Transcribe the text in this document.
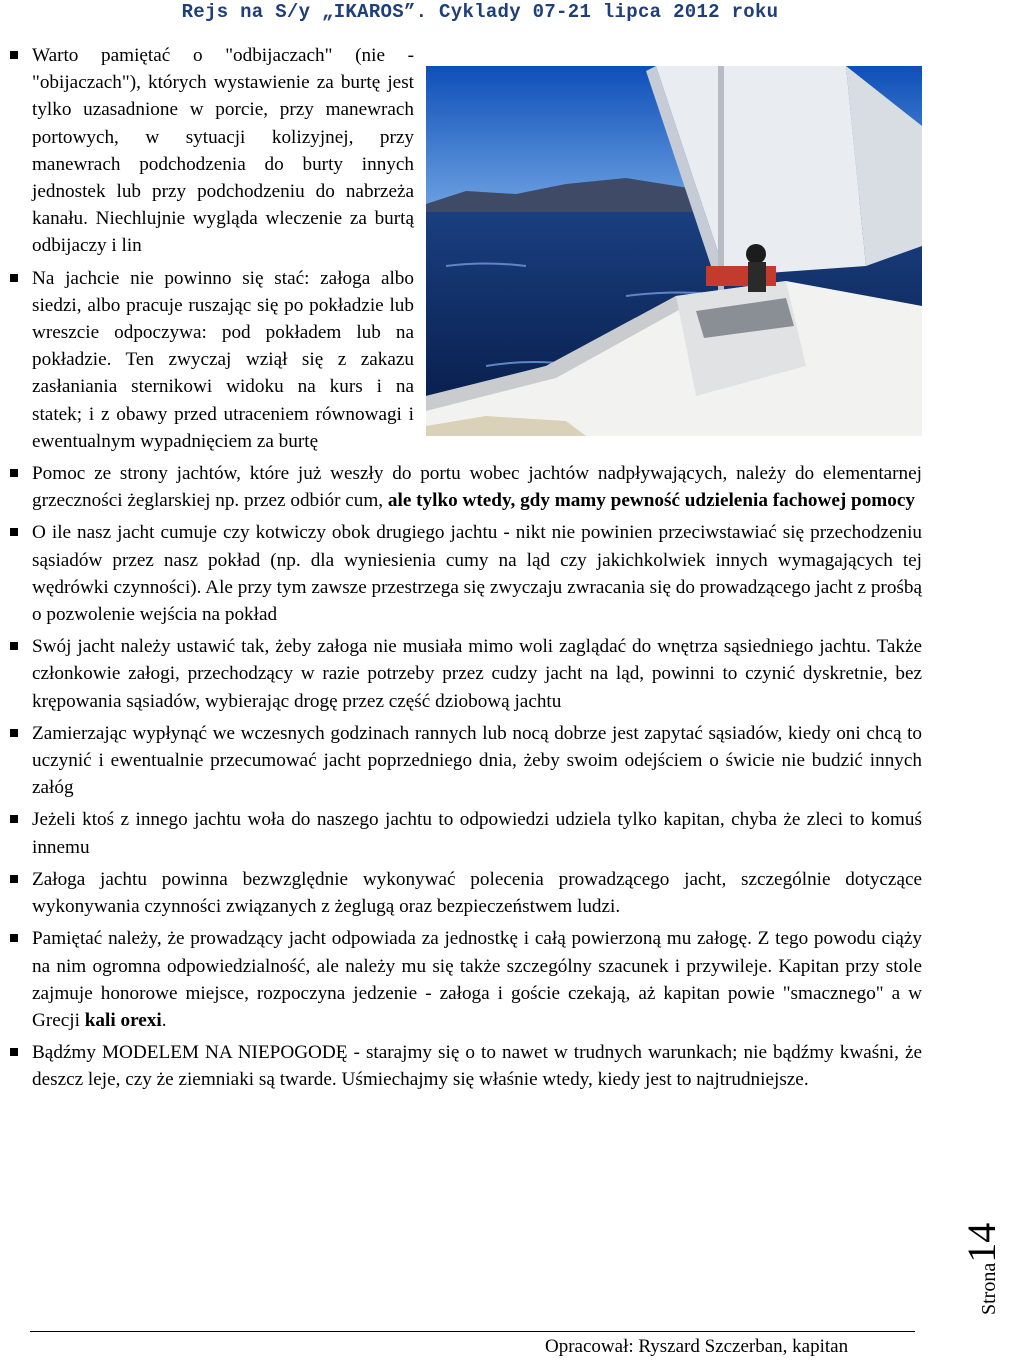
Rejs na S/y „IKAROS”. Cyklady 07-21 lipca 2012 roku
Warto pamiętać o "odbijaczach" (nie - "obijaczach"), których wystawienie za burtę jest tylko uzasadnione w porcie, przy manewrach portowych, w sytuacji kolizyjnej, przy manewrach podchodzenia do burty innych jednostek lub przy podchodzeniu do nabrzeża kanału. Niechlujnie wygląda wleczenie za burtą odbijaczy i lin
Na jachcie nie powinno się stać: załoga albo siedzi, albo pracuje ruszając się po pokładzie lub wreszcie odpoczywa: pod pokładem lub na pokładzie. Ten zwyczaj wziął się z zakazu zasłaniania sternikowi widoku na kurs i na statek; i z obawy przed utraceniem równowagi i ewentualnym wypadnięciem za burtę
Pomoc ze strony jachtów, które już weszły do portu wobec jachtów nadpływających, należy do elementarnej grzeczności żeglarskiej np. przez odbiór cum, ale tylko wtedy, gdy mamy pewność udzielenia fachowej pomocy
O ile nasz jacht cumuje czy kotwiczy obok drugiego jachtu - nikt nie powinien przeciwstawiać się przechodzeniu sąsiadów przez nasz pokład (np. dla wyniesienia cumy na ląd czy jakichkolwiek innych wymagających tej wędrówki czynności). Ale przy tym zawsze przestrzega się zwyczaju zwracania się do prowadzącego jacht z prośbą o pozwolenie wejścia na pokład
Swój jacht należy ustawić tak, żeby załoga nie musiała mimo woli zaglądać do wnętrza sąsiedniego jachtu. Także członkowie załogi, przechodzący w razie potrzeby przez cudzy jacht na ląd, powinni to czynić dyskretnie, bez krępowania sąsiadów, wybierając drogę przez część dziobową jachtu
Zamierzając wypłynąć we wczesnych godzinach rannych lub nocą dobrze jest zapytać sąsiadów, kiedy oni chcą to uczynić i ewentualnie przecumować jacht poprzedniego dnia, żeby swoim odejściem o świcie nie budzić innych załóg
Jeżeli ktoś z innego jachtu woła do naszego jachtu to odpowiedzi udziela tylko kapitan, chyba że zleci to komuś innemu
Załoga jachtu powinna bezwzględnie wykonywać polecenia prowadzącego jacht, szczególnie dotyczące wykonywania czynności związanych z żeglugą oraz bezpieczeństwem ludzi.
Pamiętać należy, że prowadzący jacht odpowiada za jednostkę i całą powierzoną mu załogę. Z tego powodu ciąży na nim ogromna odpowiedzialność, ale należy mu się także szczególny szacunek i przywileje. Kapitan przy stole zajmuje honorowe miejsce, rozpoczyna jedzenie - załoga i goście czekają, aż kapitan powie "smacznego" a w Grecji kali orexi.
Bądźmy MODELEM NA NIEPOGODĘ - starajmy się o to nawet w trudnych warunkach; nie bądźmy kwaśni, że deszcz leje, czy że ziemniaki są twarde. Uśmiechajmy się właśnie wtedy, kiedy jest to najtrudniejsze.
Opracował: Ryszard Szczerban, kapitan
Strona14
